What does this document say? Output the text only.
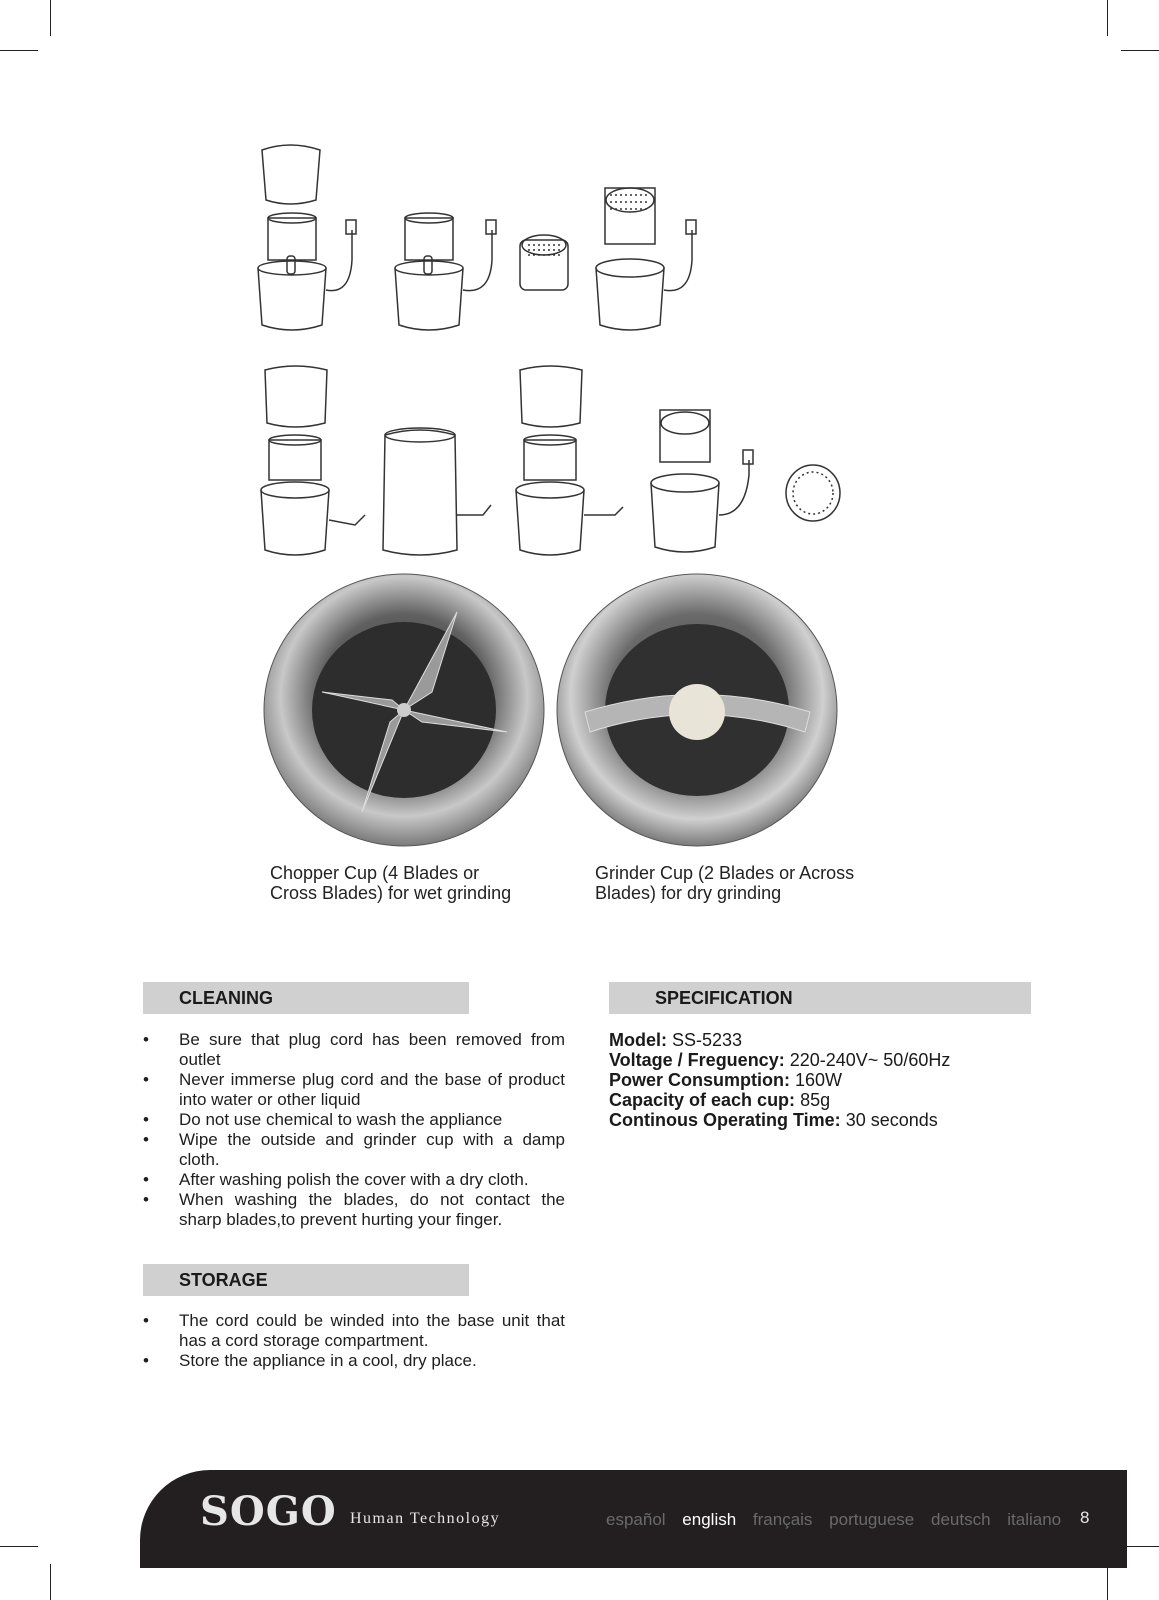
Chopper Cup (4 Blades or
Cross Blades) for wet grinding
Grinder Cup (2 Blades or Across
Blades) for dry grinding
CLEANING
• Be sure that plug cord has been removed from outlet
• Never immerse plug cord and the base of product into water or other liquid
• Do not use chemical to wash the appliance
• Wipe the outside and grinder cup with a damp cloth.
• After washing polish the cover with a dry cloth.
• When washing the blades, do not contact the sharp blades,to prevent hurting your finger.
STORAGE
• The cord could be winded into the base unit that has a cord storage compartment.
• Store the appliance in a cool, dry place.
SPECIFICATION
Model: SS-5233
Voltage / Freguency: 220-240V~ 50/60Hz
Power Consumption: 160W
Capacity of each cup: 85g
Continous Operating Time: 30 seconds
SOGO Human Technology	español english français portuguese deutsch italiano	8
